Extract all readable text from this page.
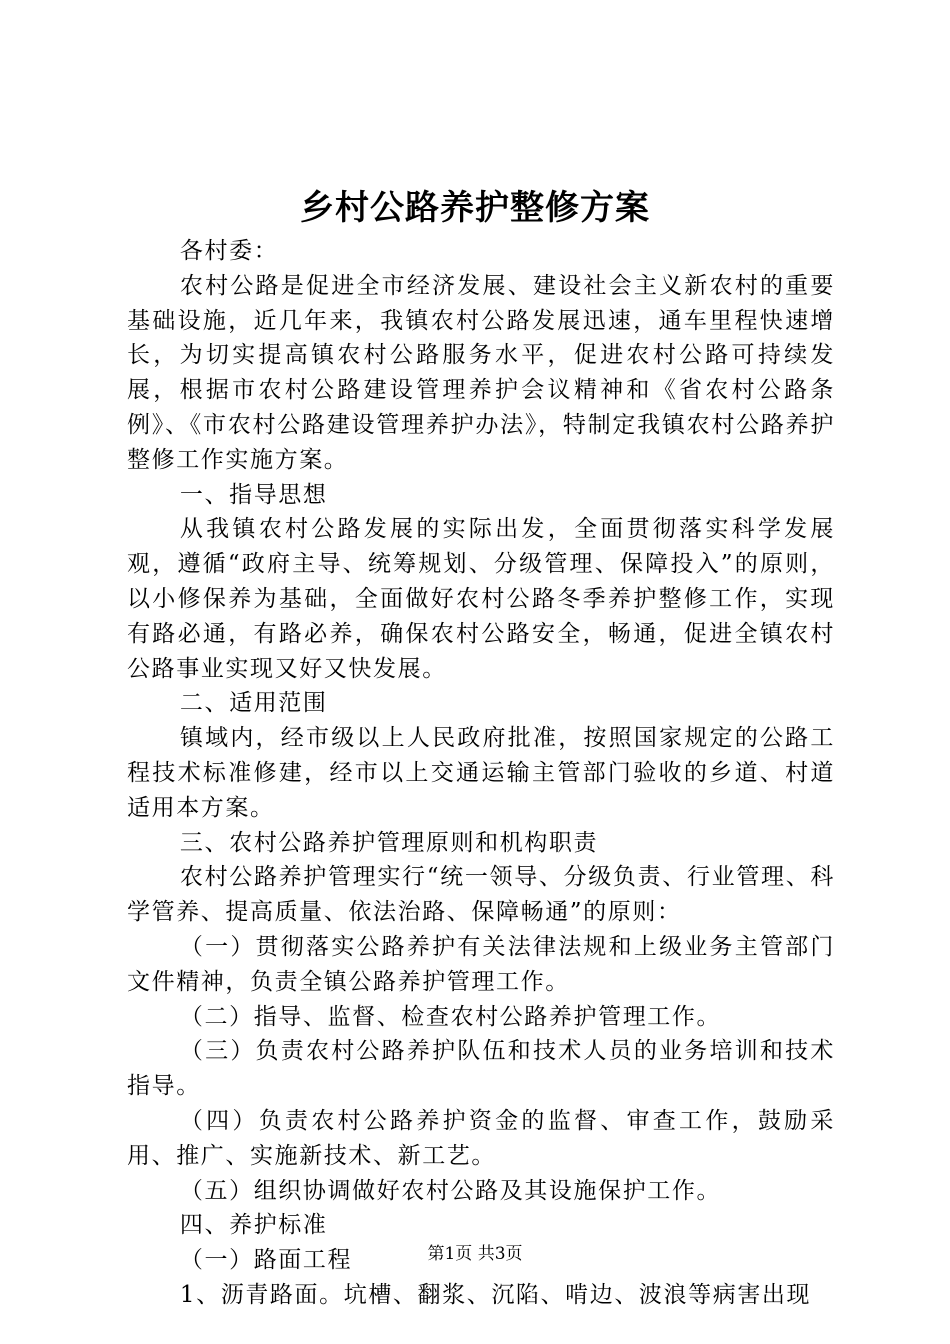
乡村公路养护整修方案

各村委：

农村公路是促进全市经济发展、建设社会主义新农村的重要基础设施，近几年来，我镇农村公路发展迅速，通车里程快速增长，为切实提高镇农村公路服务水平，促进农村公路可持续发展，根据市农村公路建设管理养护会议精神和《省农村公路条例》、《市农村公路建设管理养护办法》，特制定我镇农村公路养护整修工作实施方案。

一、指导思想

从我镇农村公路发展的实际出发，全面贯彻落实科学发展观，遵循“政府主导、统筹规划、分级管理、保障投入”的原则，以小修保养为基础，全面做好农村公路冬季养护整修工作，实现有路必通，有路必养，确保农村公路安全，畅通，促进全镇农村公路事业实现又好又快发展。

二、适用范围

镇域内，经市级以上人民政府批准，按照国家规定的公路工程技术标准修建，经市以上交通运输主管部门验收的乡道、村道适用本方案。

三、农村公路养护管理原则和机构职责

农村公路养护管理实行“统一领导、分级负责、行业管理、科学管养、提高质量、依法治路、保障畅通”的原则：

（一）贯彻落实公路养护有关法律法规和上级业务主管部门文件精神，负责全镇公路养护管理工作。

（二）指导、监督、检查农村公路养护管理工作。

（三）负责农村公路养护队伍和技术人员的业务培训和技术指导。

（四）负责农村公路养护资金的监督、审查工作，鼓励采用、推广、实施新技术、新工艺。

（五）组织协调做好农村公路及其设施保护工作。

四、养护标准

（一）路面工程

1、沥青路面。坑槽、翻浆、沉陷、啃边、波浪等病害出现

第1页 共3页
